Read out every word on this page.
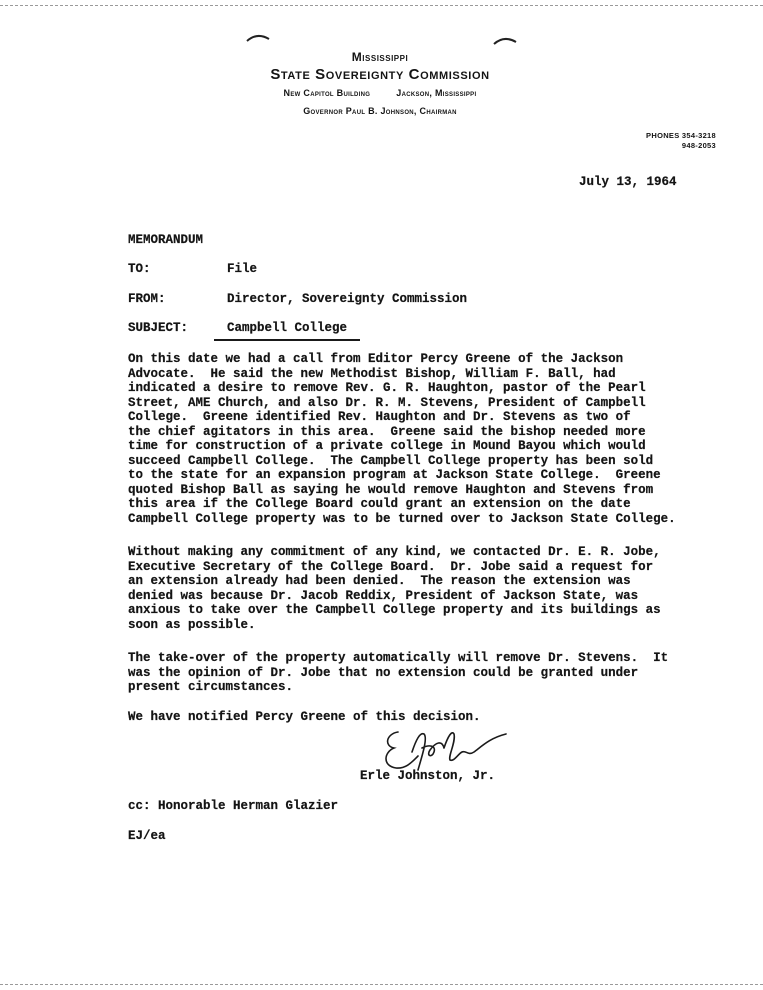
Mississippi
State Sovereignty Commission
New Capitol Building	Jackson, Mississippi
Governor Paul B. Johnson, Chairman
PHONES 354-3218
948-2053
July 13, 1964
MEMORANDUM
TO:	File
FROM:	Director, Sovereignty Commission
SUBJECT:	Campbell College

On this date we had a call from Editor Percy Greene of the Jackson
Advocate.  He said the new Methodist Bishop, William F. Ball, had
indicated a desire to remove Rev. G. R. Haughton, pastor of the Pearl
Street, AME Church, and also Dr. R. M. Stevens, President of Campbell
College.  Greene identified Rev. Haughton and Dr. Stevens as two of
the chief agitators in this area.  Greene said the bishop needed more
time for construction of a private college in Mound Bayou which would
succeed Campbell College.  The Campbell College property has been sold
to the state for an expansion program at Jackson State College.  Greene
quoted Bishop Ball as saying he would remove Haughton and Stevens from
this area if the College Board could grant an extension on the date
Campbell College property was to be turned over to Jackson State College.

Without making any commitment of any kind, we contacted Dr. E. R. Jobe,
Executive Secretary of the College Board.  Dr. Jobe said a request for
an extension already had been denied.  The reason the extension was
denied was because Dr. Jacob Reddix, President of Jackson State, was
anxious to take over the Campbell College property and its buildings as
soon as possible.

The take-over of the property automatically will remove Dr. Stevens.  It
was the opinion of Dr. Jobe that no extension could be granted under
present circumstances.

We have notified Percy Greene of this decision.

Erle Johnston, Jr.
cc: Honorable Herman Glazier
EJ/ea
